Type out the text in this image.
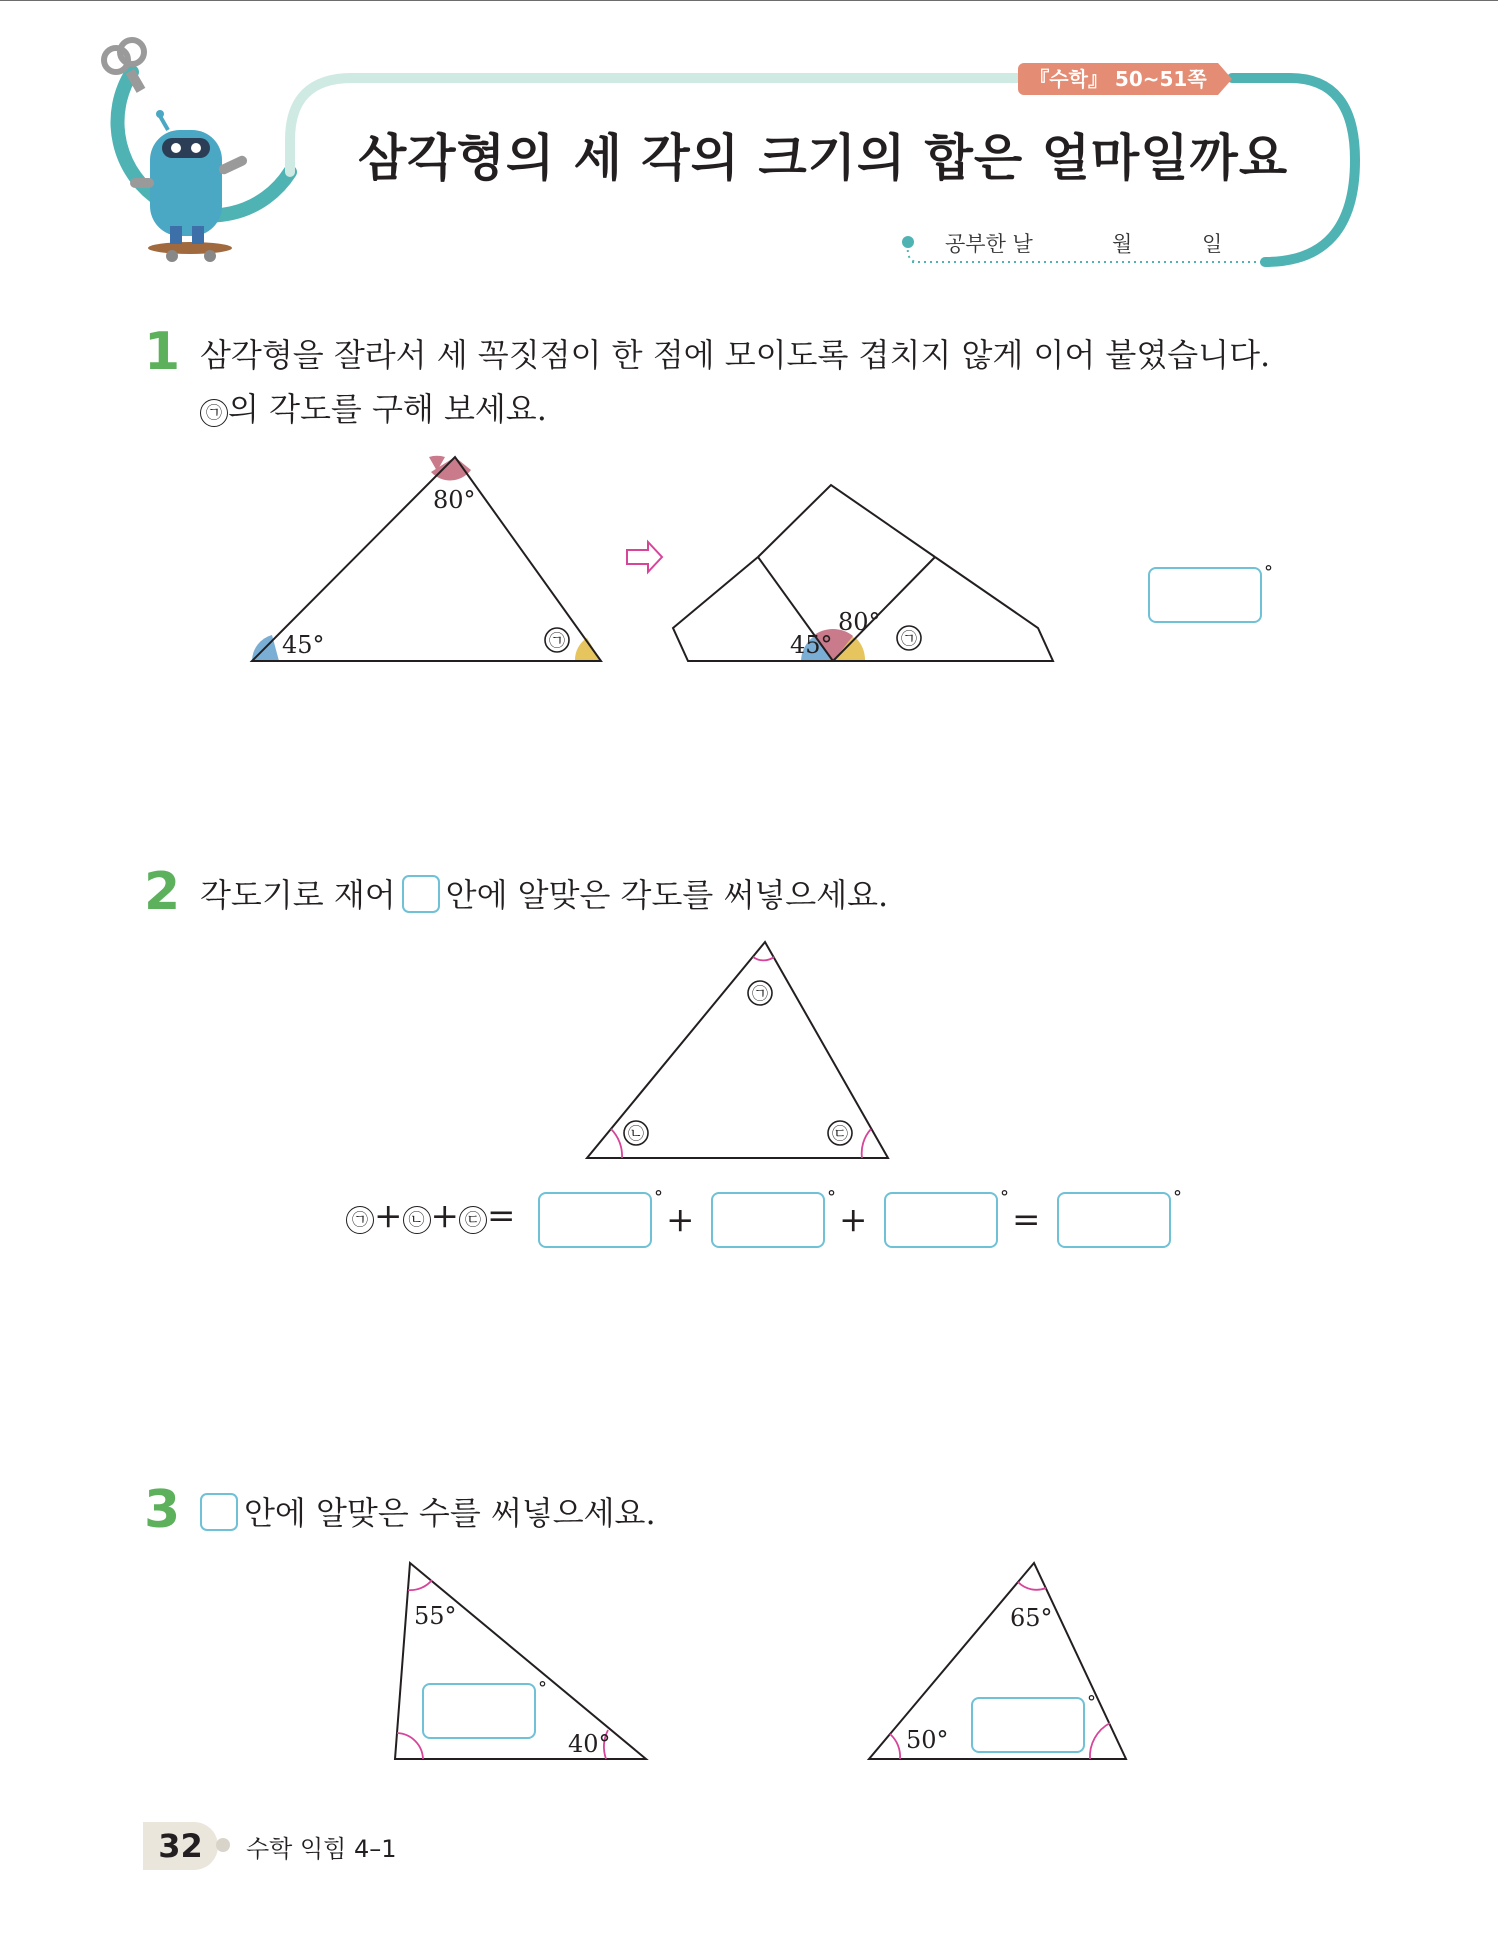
삼각형의 세 각의 크기의 합은 얼마일까요
『수학』 50~51쪽
공부한 날	월	일
1 삼각형을 잘라서 세 꼭짓점이 한 점에 모이도록 겹치지 않게 이어 붙였습니다.
㉠ 의 각도를 구해 보세요.
80°
45°	㉠
80°
45°	㉠
°
2 각도기로 재어 안에 알맞은 각도를 써넣으세요.
㉠
㉡	㉢
㉠ + ㉡ + ㉢ =	°
+
°
+
°
=
°
3	안에 알맞은 수를 써넣으세요.
55°
40°
65°
50°
°
°
32	수학 익힘 4–1
